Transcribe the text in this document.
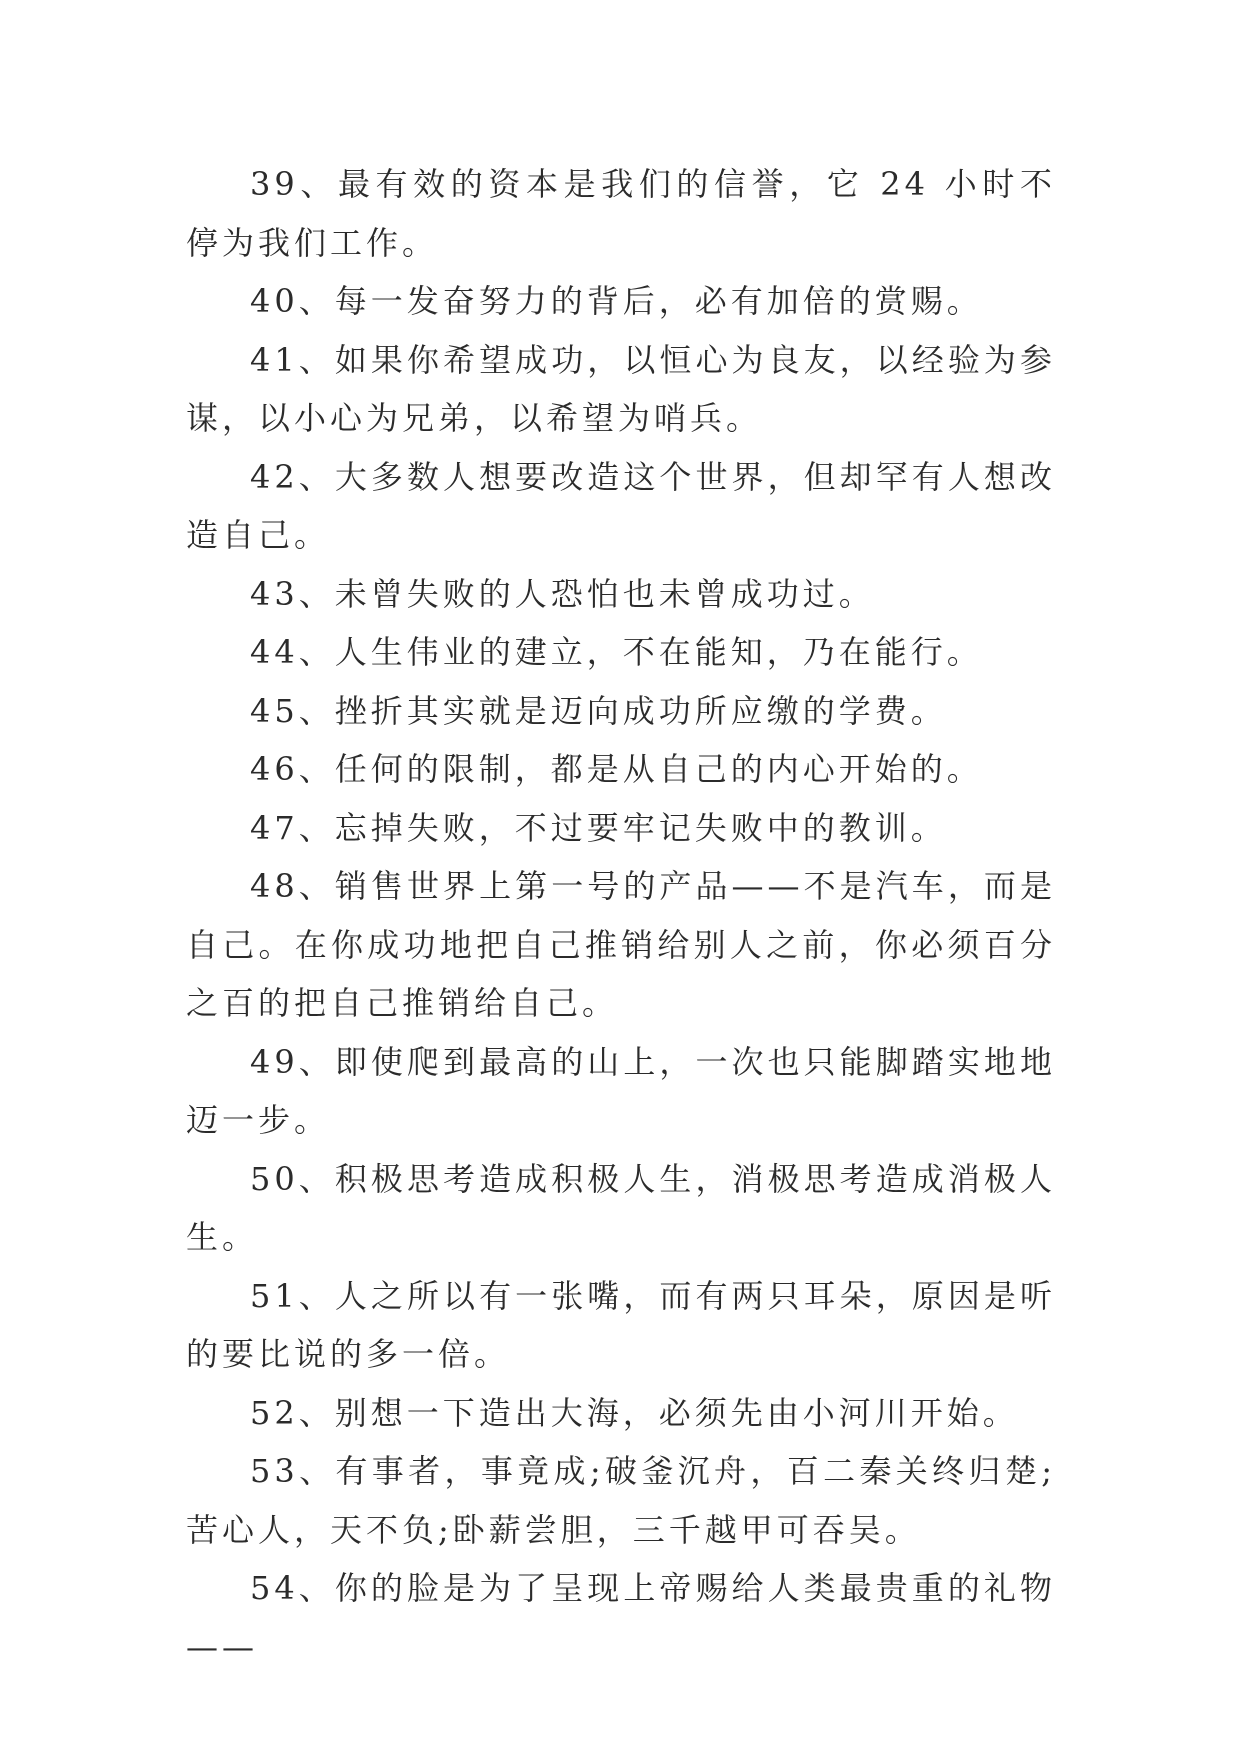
39、最有效的资本是我们的信誉，它 24 小时不停为我们工作。

40、每一发奋努力的背后，必有加倍的赏赐。

41、如果你希望成功，以恒心为良友，以经验为参谋，以小心为兄弟，以希望为哨兵。

42、大多数人想要改造这个世界，但却罕有人想改造自己。

43、未曾失败的人恐怕也未曾成功过。

44、人生伟业的建立，不在能知，乃在能行。

45、挫折其实就是迈向成功所应缴的学费。

46、任何的限制，都是从自己的内心开始的。

47、忘掉失败，不过要牢记失败中的教训。

48、销售世界上第一号的产品——不是汽车，而是自己。在你成功地把自己推销给别人之前，你必须百分之百的把自己推销给自己。

49、即使爬到最高的山上，一次也只能脚踏实地地迈一步。

50、积极思考造成积极人生，消极思考造成消极人生。

51、人之所以有一张嘴，而有两只耳朵，原因是听的要比说的多一倍。

52、别想一下造出大海，必须先由小河川开始。

53、有事者，事竟成;破釜沉舟，百二秦关终归楚;苦心人，天不负;卧薪尝胆，三千越甲可吞吴。

54、你的脸是为了呈现上帝赐给人类最贵重的礼物——
